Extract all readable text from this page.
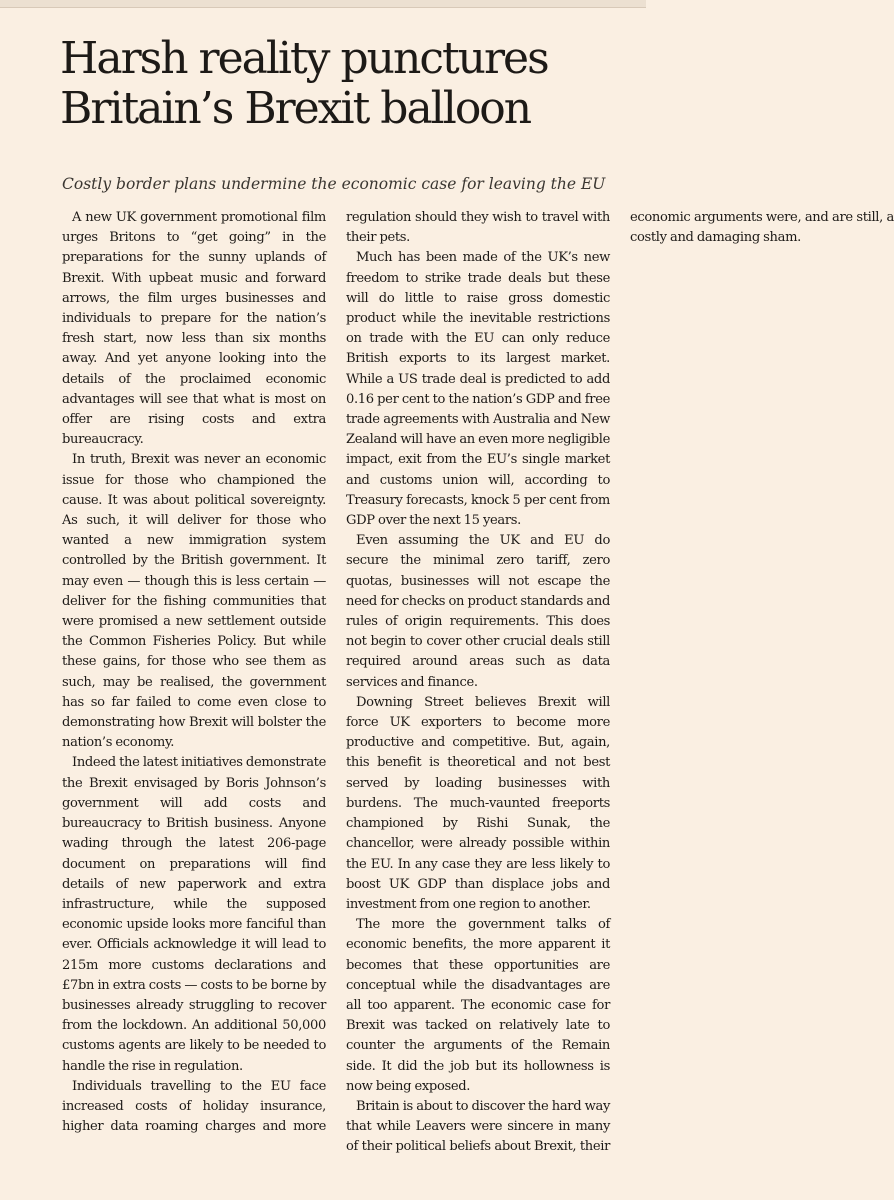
Harsh reality punctures Britain’s Brexit balloon

Costly border plans undermine the economic case for leaving the EU

A new UK government promotional film urges Britons to “get going” in the preparations for the sunny uplands of Brexit. With upbeat music and forward arrows, the film urges businesses and individuals to prepare for the nation’s fresh start, now less than six months away. And yet anyone looking into the details of the proclaimed economic advantages will see that what is most on offer are rising costs and extra bureaucracy.

In truth, Brexit was never an economic issue for those who championed the cause. It was about political sovereignty. As such, it will deliver for those who wanted a new immigration system controlled by the British government. It may even — though this is less certain — deliver for the fishing communities that were promised a new settlement outside the Common Fisheries Policy. But while these gains, for those who see them as such, may be realised, the government has so far failed to come even close to demonstrating how Brexit will bolster the nation’s economy.

Indeed the latest initiatives demonstrate the Brexit envisaged by Boris Johnson’s government will add costs and bureaucracy to British business. Anyone wading through the latest 206-page document on preparations will find details of new paperwork and extra infrastructure, while the supposed economic upside looks more fanciful than ever. Officials acknowledge it will lead to 215m more customs declarations and £7bn in extra costs — costs to be borne by businesses already struggling to recover from the lockdown. An additional 50,000 customs agents are likely to be needed to handle the rise in regulation.

Individuals travelling to the EU face increased costs of holiday insurance, higher data roaming charges and more regulation should they wish to travel with their pets.

Much has been made of the UK’s new freedom to strike trade deals but these will do little to raise gross domestic product while the inevitable restrictions on trade with the EU can only reduce British exports to its largest market. While a US trade deal is predicted to add 0.16 per cent to the nation’s GDP and free trade agreements with Australia and New Zealand will have an even more negligible impact, exit from the EU’s single market and customs union will, according to Treasury forecasts, knock 5 per cent from GDP over the next 15 years.

Even assuming the UK and EU do secure the minimal zero tariff, zero quotas, businesses will not escape the need for checks on product standards and rules of origin requirements. This does not begin to cover other crucial deals still required around areas such as data services and finance.

Downing Street believes Brexit will force UK exporters to become more productive and competitive. But, again, this benefit is theoretical and not best served by loading businesses with burdens. The much-vaunted freeports championed by Rishi Sunak, the chancellor, were already possible within the EU. In any case they are less likely to boost UK GDP than displace jobs and investment from one region to another.

The more the government talks of economic benefits, the more apparent it becomes that these opportunities are conceptual while the disadvantages are all too apparent. The economic case for Brexit was tacked on relatively late to counter the arguments of the Remain side. It did the job but its hollowness is now being exposed.

Britain is about to discover the hard way that while Leavers were sincere in many of their political beliefs about Brexit, their economic arguments were, and are still, a costly and damaging sham.
